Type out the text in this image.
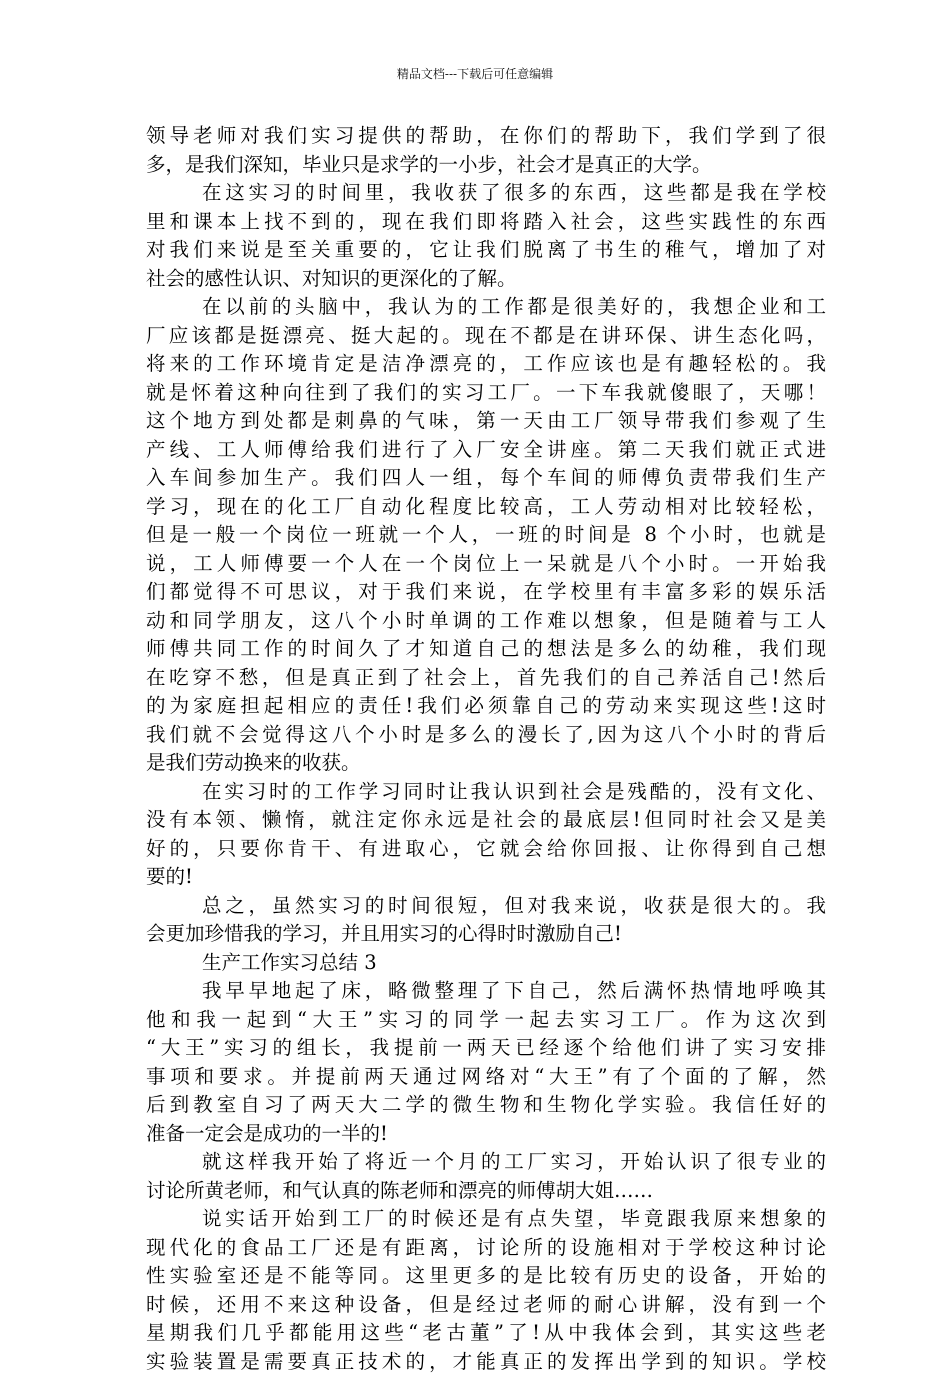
精品文档---下载后可任意编辑
领导老师对我们实习提供的帮助，在你们的帮助下，我们学到了很
多，是我们深知，毕业只是求学的一小步，社会才是真正的大学。
在这实习的时间里，我收获了很多的东西，这些都是我在学校
里和课本上找不到的，现在我们即将踏入社会，这些实践性的东西
对我们来说是至关重要的，它让我们脱离了书生的稚气，增加了对
社会的感性认识、对知识的更深化的了解。
在以前的头脑中，我认为的工作都是很美好的，我想企业和工
厂应该都是挺漂亮、挺大起的。现在不都是在讲环保、讲生态化吗，
将来的工作环境肯定是洁净漂亮的，工作应该也是有趣轻松的。我
就是怀着这种向往到了我们的实习工厂。一下车我就傻眼了，天哪！
这个地方到处都是刺鼻的气味，第一天由工厂领导带我们参观了生
产线、工人师傅给我们进行了入厂安全讲座。第二天我们就正式进
入车间参加生产。我们四人一组，每个车间的师傅负责带我们生产
学习，现在的化工厂自动化程度比较高，工人劳动相对比较轻松，
但是一般一个岗位一班就一个人，一班的时间是 8 个小时，也就是
说，工人师傅要一个人在一个岗位上一呆就是八个小时。一开始我
们都觉得不可思议，对于我们来说，在学校里有丰富多彩的娱乐活
动和同学朋友，这八个小时单调的工作难以想象，但是随着与工人
师傅共同工作的时间久了才知道自己的想法是多么的幼稚，我们现
在吃穿不愁，但是真正到了社会上，首先我们的自己养活自己!然后
的为家庭担起相应的责任!我们必须靠自己的劳动来实现这些!这时
我们就不会觉得这八个小时是多么的漫长了,因为这八个小时的背后
是我们劳动换来的收获。
在实习时的工作学习同时让我认识到社会是残酷的，没有文化、
没有本领、懒惰，就注定你永远是社会的最底层!但同时社会又是美
好的，只要你肯干、有进取心，它就会给你回报、让你得到自己想
要的!
总之，虽然实习的时间很短，但对我来说，收获是很大的。我
会更加珍惜我的学习，并且用实习的心得时时激励自己!
生产工作实习总结 3
我早早地起了床，略微整理了下自己，然后满怀热情地呼唤其
他和我一起到“大王”实习的同学一起去实习工厂。作为这次到
“大王”实习的组长，我提前一两天已经逐个给他们讲了实习安排
事项和要求。并提前两天通过网络对“大王”有了个面的了解，然
后到教室自习了两天大二学的微生物和生物化学实验。我信任好的
准备一定会是成功的一半的!
就这样我开始了将近一个月的工厂实习，开始认识了很专业的
讨论所黄老师，和气认真的陈老师和漂亮的师傅胡大姐……
说实话开始到工厂的时候还是有点失望，毕竟跟我原来想象的
现代化的食品工厂还是有距离，讨论所的设施相对于学校这种讨论
性实验室还是不能等同。这里更多的是比较有历史的设备，开始的
时候，还用不来这种设备，但是经过老师的耐心讲解，没有到一个
星期我们几乎都能用这些“老古董”了!从中我体会到，其实这些老
实验装置是需要真正技术的，才能真正的发挥出学到的知识。学校
